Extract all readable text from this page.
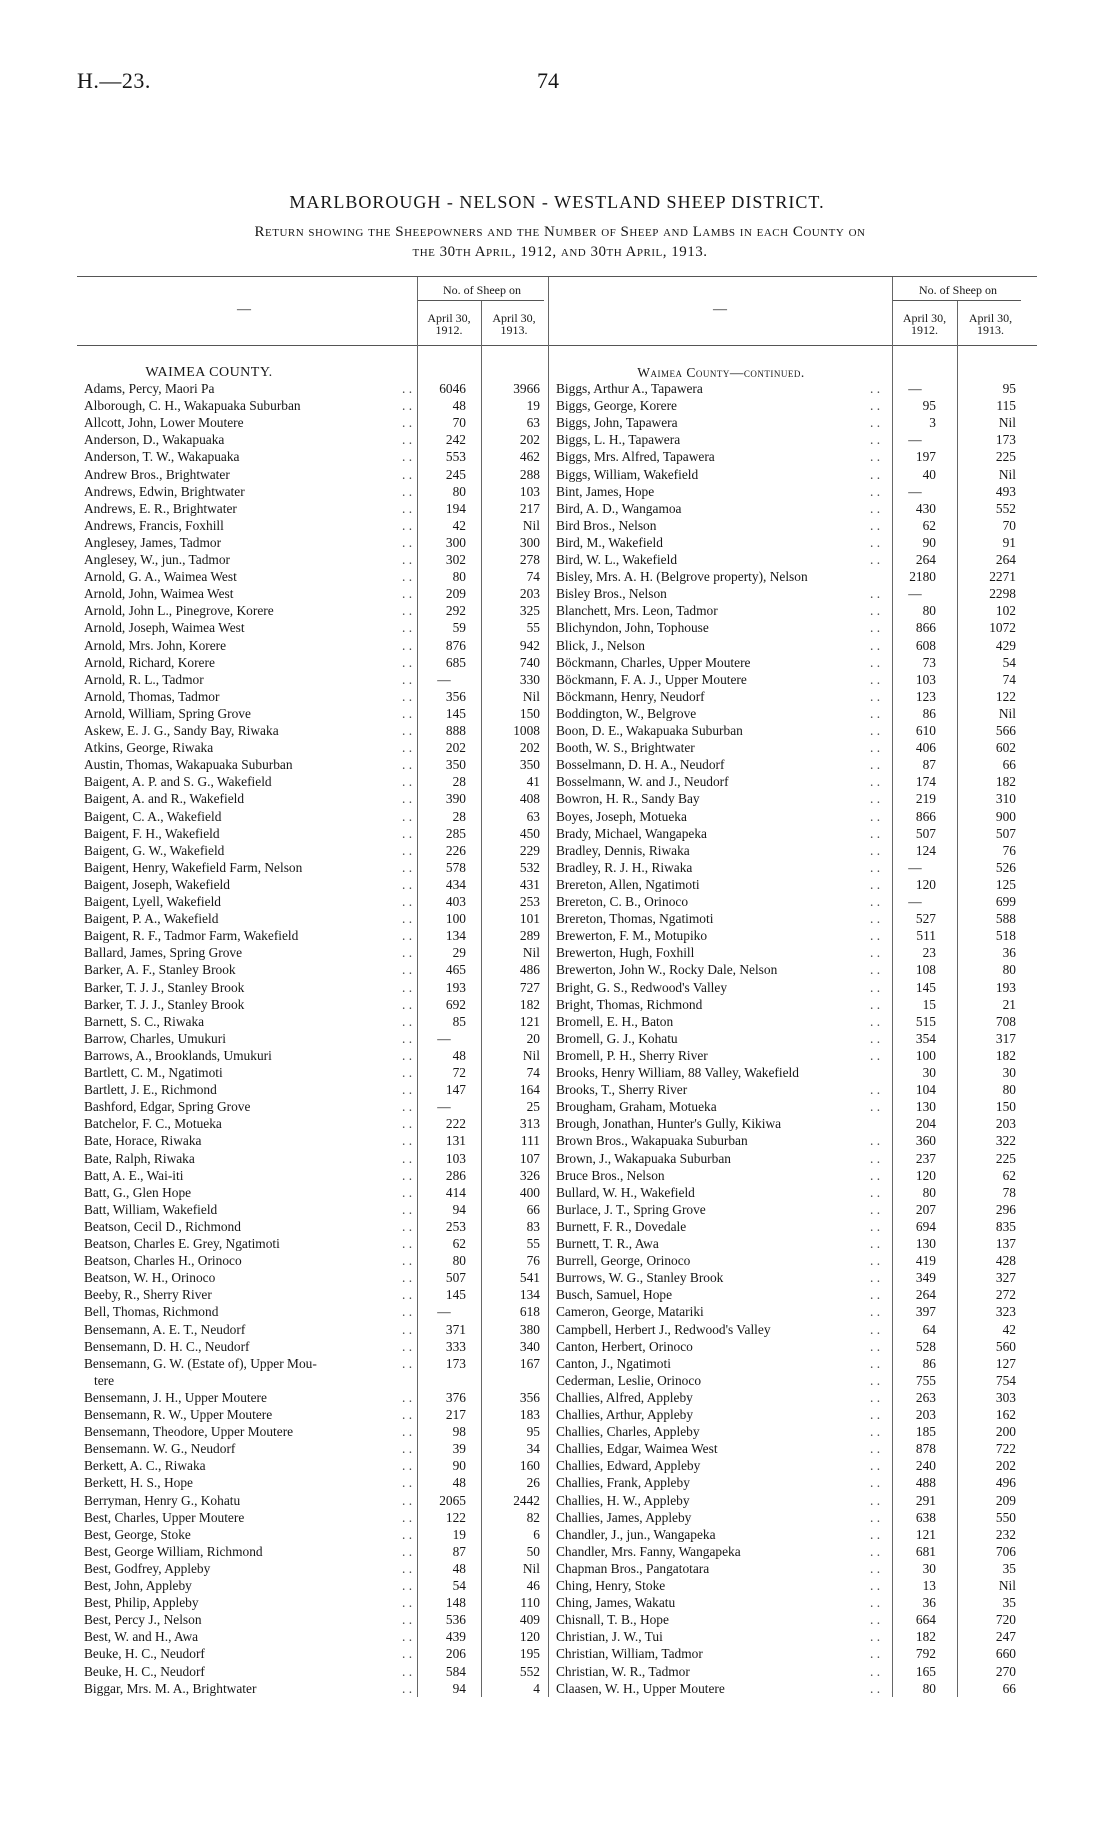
H.—23.	74
MARLBOROUGH - NELSON - WESTLAND SHEEP DISTRICT.
Return showing the Sheepowners and the Number of Sheep and Lambs in each County on
the 30th April, 1912, and 30th April, 1913.
—
No. of Sheep on
April 30, 1912.
April 30, 1913.
—
No. of Sheep on
April 30, 1912.
April 30, 1913.
WAIMEA COUNTY.	Waimea County—continued.
Adams, Percy, Maori Pa	. .	6046	3966
Alborough, C. H., Wakapuaka Suburban	. .	48	19
Allcott, John, Lower Moutere	. .	70	63
Anderson, D., Wakapuaka	. .	242	202
Anderson, T. W., Wakapuaka	. .	553	462
Andrew Bros., Brightwater	. .	245	288
Andrews, Edwin, Brightwater	. .	80	103
Andrews, E. R., Brightwater	. .	194	217
Andrews, Francis, Foxhill	. .	42	Nil
Anglesey, James, Tadmor	. .	300	300
Anglesey, W., jun., Tadmor	. .	302	278
Arnold, G. A., Waimea West	. .	80	74
Arnold, John, Waimea West	. .	209	203
Arnold, John L., Pinegrove, Korere	. .	292	325
Arnold, Joseph, Waimea West	. .	59	55
Arnold, Mrs. John, Korere	. .	876	942
Arnold, Richard, Korere	. .	685	740
Arnold, R. L., Tadmor	. .	—	330
Arnold, Thomas, Tadmor	. .	356	Nil
Arnold, William, Spring Grove	. .	145	150
Askew, E. J. G., Sandy Bay, Riwaka	. .	888	1008
Atkins, George, Riwaka	. .	202	202
Austin, Thomas, Wakapuaka Suburban	. .	350	350
Baigent, A. P. and S. G., Wakefield	. .	28	41
Baigent, A. and R., Wakefield	. .	390	408
Baigent, C. A., Wakefield	. .	28	63
Baigent, F. H., Wakefield	. .	285	450
Baigent, G. W., Wakefield	. .	226	229
Baigent, Henry, Wakefield Farm, Nelson	. .	578	532
Baigent, Joseph, Wakefield	. .	434	431
Baigent, Lyell, Wakefield	. .	403	253
Baigent, P. A., Wakefield	. .	100	101
Baigent, R. F., Tadmor Farm, Wakefield	. .	134	289
Ballard, James, Spring Grove	. .	29	Nil
Barker, A. F., Stanley Brook	. .	465	486
Barker, T. J. J., Stanley Brook	. .	193	727
Barker, T. J. J., Stanley Brook	. .	692	182
Barnett, S. C., Riwaka	. .	85	121
Barrow, Charles, Umukuri	. .	—	20
Barrows, A., Brooklands, Umukuri	. .	48	Nil
Bartlett, C. M., Ngatimoti	. .	72	74
Bartlett, J. E., Richmond	. .	147	164
Bashford, Edgar, Spring Grove	. .	—	25
Batchelor, F. C., Motueka	. .	222	313
Bate, Horace, Riwaka	. .	131	111
Bate, Ralph, Riwaka	. .	103	107
Batt, A. E., Wai-iti	. .	286	326
Batt, G., Glen Hope	. .	414	400
Batt, William, Wakefield	. .	94	66
Beatson, Cecil D., Richmond	. .	253	83
Beatson, Charles E. Grey, Ngatimoti	. .	62	55
Beatson, Charles H., Orinoco	. .	80	76
Beatson, W. H., Orinoco	. .	507	541
Beeby, R., Sherry River	. .	145	134
Bell, Thomas, Richmond	. .	—	618
Bensemann, A. E. T., Neudorf	. .	371	380
Bensemann, D. H. C., Neudorf	. .	333	340
Bensemann, G. W. (Estate of), Upper Mou-	. .	173	167
tere
Bensemann, J. H., Upper Moutere	. .	376	356
Bensemann, R. W., Upper Moutere	. .	217	183
Bensemann, Theodore, Upper Moutere	. .	98	95
Bensemann. W. G., Neudorf	. .	39	34
Berkett, A. C., Riwaka	. .	90	160
Berkett, H. S., Hope	. .	48	26
Berryman, Henry G., Kohatu	. .	2065	2442
Best, Charles, Upper Moutere	. .	122	82
Best, George, Stoke	. .	19	6
Best, George William, Richmond	. .	87	50
Best, Godfrey, Appleby	. .	48	Nil
Best, John, Appleby	. .	54	46
Best, Philip, Appleby	. .	148	110
Best, Percy J., Nelson	. .	536	409
Best, W. and H., Awa	. .	439	120
Beuke, H. C., Neudorf	. .	206	195
Beuke, H. C., Neudorf	. .	584	552
Biggar, Mrs. M. A., Brightwater	. .	94	4
Biggs, Arthur A., Tapawera	. .	—	95
Biggs, George, Korere	. .	95	115
Biggs, John, Tapawera	. .	3	Nil
Biggs, L. H., Tapawera	. .	—	173
Biggs, Mrs. Alfred, Tapawera	. .	197	225
Biggs, William, Wakefield	. .	40	Nil
Bint, James, Hope	. .	—	493
Bird, A. D., Wangamoa	. .	430	552
Bird Bros., Nelson	. .	62	70
Bird, M., Wakefield	. .	90	91
Bird, W. L., Wakefield	. .	264	264
Bisley, Mrs. A. H. (Belgrove property), Nelson	2180	2271
Bisley Bros., Nelson	. .	—	2298
Blanchett, Mrs. Leon, Tadmor	. .	80	102
Blichyndon, John, Tophouse	. .	866	1072
Blick, J., Nelson	. .	608	429
Böckmann, Charles, Upper Moutere	. .	73	54
Böckmann, F. A. J., Upper Moutere	. .	103	74
Böckmann, Henry, Neudorf	. .	123	122
Boddington, W., Belgrove	. .	86	Nil
Boon, D. E., Wakapuaka Suburban	. .	610	566
Booth, W. S., Brightwater	. .	406	602
Bosselmann, D. H. A., Neudorf	. .	87	66
Bosselmann, W. and J., Neudorf	. .	174	182
Bowron, H. R., Sandy Bay	. .	219	310
Boyes, Joseph, Motueka	. .	866	900
Brady, Michael, Wangapeka	. .	507	507
Bradley, Dennis, Riwaka	. .	124	76
Bradley, R. J. H., Riwaka	. .	—	526
Brereton, Allen, Ngatimoti	. .	120	125
Brereton, C. B., Orinoco	. .	—	699
Brereton, Thomas, Ngatimoti	. .	527	588
Brewerton, F. M., Motupiko	. .	511	518
Brewerton, Hugh, Foxhill	. .	23	36
Brewerton, John W., Rocky Dale, Nelson	. .	108	80
Bright, G. S., Redwood's Valley	. .	145	193
Bright, Thomas, Richmond	. .	15	21
Bromell, E. H., Baton	. .	515	708
Bromell, G. J., Kohatu	. .	354	317
Bromell, P. H., Sherry River	. .	100	182
Brooks, Henry William, 88 Valley, Wakefield	30	30
Brooks, T., Sherry River	. .	104	80
Brougham, Graham, Motueka	. .	130	150
Brough, Jonathan, Hunter's Gully, Kikiwa	204	203
Brown Bros., Wakapuaka Suburban	. .	360	322
Brown, J., Wakapuaka Suburban	. .	237	225
Bruce Bros., Nelson	. .	120	62
Bullard, W. H., Wakefield	. .	80	78
Burlace, J. T., Spring Grove	. .	207	296
Burnett, F. R., Dovedale	. .	694	835
Burnett, T. R., Awa	. .	130	137
Burrell, George, Orinoco	. .	419	428
Burrows, W. G., Stanley Brook	. .	349	327
Busch, Samuel, Hope	. .	264	272
Cameron, George, Matariki	. .	397	323
Campbell, Herbert J., Redwood's Valley	. .	64	42
Canton, Herbert, Orinoco	. .	528	560
Canton, J., Ngatimoti	. .	86	127
Cederman, Leslie, Orinoco	. .	755	754
Challies, Alfred, Appleby	. .	263	303
Challies, Arthur, Appleby	. .	203	162
Challies, Charles, Appleby	. .	185	200
Challies, Edgar, Waimea West	. .	878	722
Challies, Edward, Appleby	. .	240	202
Challies, Frank, Appleby	. .	488	496
Challies, H. W., Appleby	. .	291	209
Challies, James, Appleby	. .	638	550
Chandler, J., jun., Wangapeka	. .	121	232
Chandler, Mrs. Fanny, Wangapeka	. .	681	706
Chapman Bros., Pangatotara	. .	30	35
Ching, Henry, Stoke	. .	13	Nil
Ching, James, Wakatu	. .	36	35
Chisnall, T. B., Hope	. .	664	720
Christian, J. W., Tui	. .	182	247
Christian, William, Tadmor	. .	792	660
Christian, W. R., Tadmor	. .	165	270
Claasen, W. H., Upper Moutere	. .	80	66
